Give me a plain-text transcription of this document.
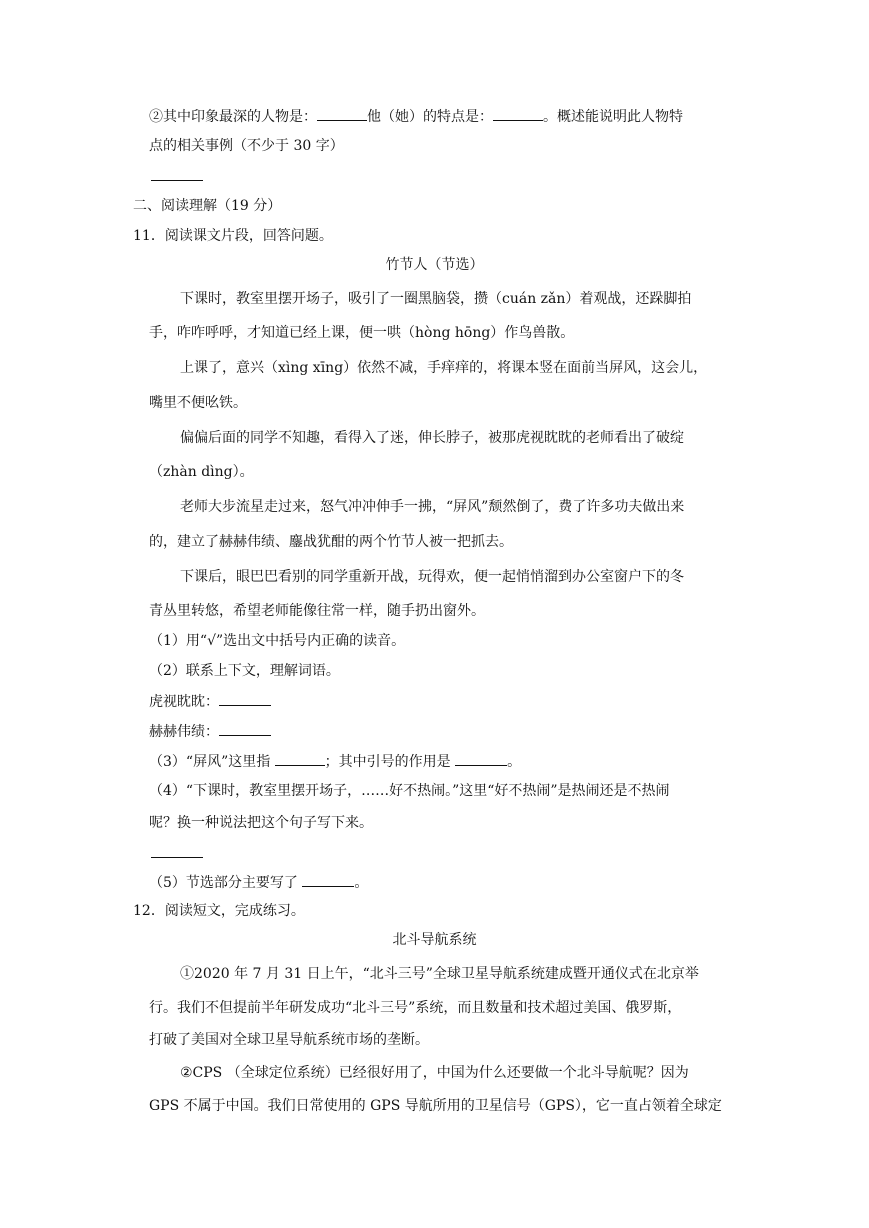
②其中印象最深的人物是：	他（她）的特点是：	。概述能说明此人物特
点的相关事例（不少于 30 字）
二、阅读理解（19 分）
11．阅读课文片段，回答问题。
竹节人（节选）
下课时，教室里摆开场子，吸引了一圈黑脑袋，攒（cuán zǎn）着观战，还跺脚拍
手，咋咋呼呼，才知道已经上课，便一哄（hòng hōng）作鸟兽散。
上课了，意兴（xìng xīng）依然不减，手痒痒的，将课本竖在面前当屏风，这会儿，
嘴里不便吆铁。
偏偏后面的同学不知趣，看得入了迷，伸长脖子，被那虎视眈眈的老师看出了破绽
（zhàn dìng）。
老师大步流星走过来，怒气冲冲伸手一拂，“屏风”颓然倒了，费了许多功夫做出来
的，建立了赫赫伟绩、鏖战犹酣的两个竹节人被一把抓去。
下课后，眼巴巴看别的同学重新开战，玩得欢，便一起悄悄溜到办公室窗户下的冬
青丛里转悠，希望老师能像往常一样，随手扔出窗外。
（1）用“√”选出文中括号内正确的读音。
（2）联系上下文，理解词语。
虎视眈眈：
赫赫伟绩：
（3）“屏风”这里指	；其中引号的作用是	。
（4）“下课时，教室里摆开场子，……好不热闹。”这里“好不热闹”是热闹还是不热闹
呢？换一种说法把这个句子写下来。
（5）节选部分主要写了	。
12．阅读短文，完成练习。
北斗导航系统
①2020 年 7 月 31 日上午，“北斗三号”全球卫星导航系统建成暨开通仪式在北京举
行。我们不但提前半年研发成功“北斗三号”系统，而且数量和技术超过美国、俄罗斯，
打破了美国对全球卫星导航系统市场的垄断。
②CPS （全球定位系统）已经很好用了，中国为什么还要做一个北斗导航呢？因为
GPS 不属于中国。我们日常使用的 GPS 导航所用的卫星信号（GPS），它一直占领着全球定
